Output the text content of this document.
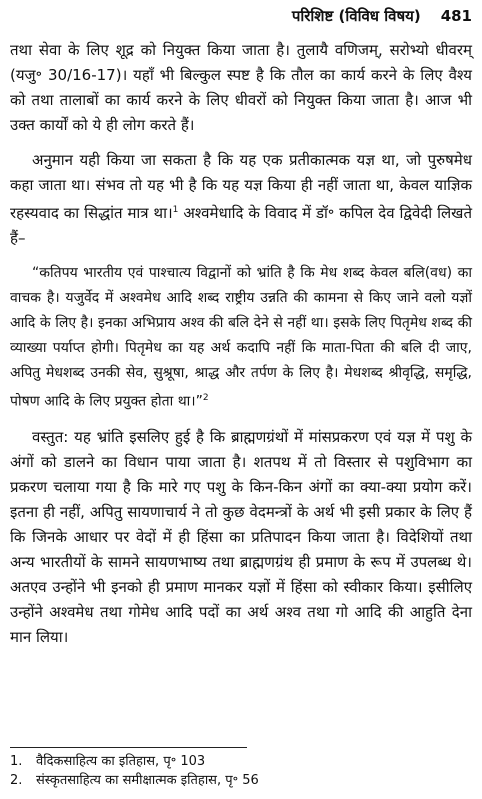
परिशिष्ट (विविध विषय) 481

तथा सेवा के लिए शूद्र को नियुक्त किया जाता है। तुलायै वणिजम्, सरोभ्यो धीवरम् (यजु॰ 30/16-17)। यहाँ भी बिल्कुल स्पष्ट है कि तौल का कार्य करने के लिए वैश्य को तथा तालाबों का कार्य करने के लिए धीवरों को नियुक्त किया जाता है। आज भी उक्त कार्यों को ये ही लोग करते हैं।

अनुमान यही किया जा सकता है कि यह एक प्रतीकात्मक यज्ञ था, जो पुरुषमेध कहा जाता था। संभव तो यह भी है कि यह यज्ञ किया ही नहीं जाता था, केवल याज्ञिक रहस्यवाद का सिद्धांत मात्र था।$^1$ अश्वमेधादि के विवाद में डॉ॰ कपिल देव द्विवेदी लिखते हैं–

“कतिपय भारतीय एवं पाश्चात्य विद्वानों को भ्रांति है कि मेध शब्द केवल बलि(वध) का वाचक है। यजुर्वेद में अश्वमेध आदि शब्द राष्ट्रीय उन्नति की कामना से किए जाने वलो यज्ञों आदि के लिए है। इनका अभिप्राय अश्व की बलि देने से नहीं था। इसके लिए पितृमेध शब्द की व्याख्या पर्याप्त होगी। पितृमेध का यह अर्थ कदापि नहीं कि माता-पिता की बलि दी जाए, अपितु मेधशब्द उनकी सेव, सुश्रूषा, श्राद्ध और तर्पण के लिए है। मेधशब्द श्रीवृद्धि, समृद्धि, पोषण आदि के लिए प्रयुक्त होता था।”$^2$

वस्तुत: यह भ्रांति इसलिए हुई है कि ब्राह्मणग्रंथों में मांसप्रकरण एवं यज्ञ में पशु के अंगों को डालने का विधान पाया जाता है। शतपथ में तो विस्तार से पशुविभाग का प्रकरण चलाया गया है कि मारे गए पशु के किन-किन अंगों का क्या-क्या प्रयोग करें। इतना ही नहीं, अपितु सायणाचार्य ने तो कुछ वेदमन्त्रों के अर्थ भी इसी प्रकार के लिए हैं कि जिनके आधार पर वेदों में ही हिंसा का प्रतिपादन किया जाता है। विदेशियों तथा अन्य भारतीयों के सामने सायणभाष्य तथा ब्राह्मणग्रंथ ही प्रमाण के रूप में उपलब्ध थे। अतएव उन्होंने भी इनको ही प्रमाण मानकर यज्ञों में हिंसा को स्वीकार किया। इसीलिए उन्होंने अश्वमेध तथा गोमेध आदि पदों का अर्थ अश्व तथा गो आदि की आहुति देना मान लिया।

1.	वैदिकसाहित्य का इतिहास, पृ॰ 103
2.	संस्कृतसाहित्य का समीक्षात्मक इतिहास, पृ॰ 56
